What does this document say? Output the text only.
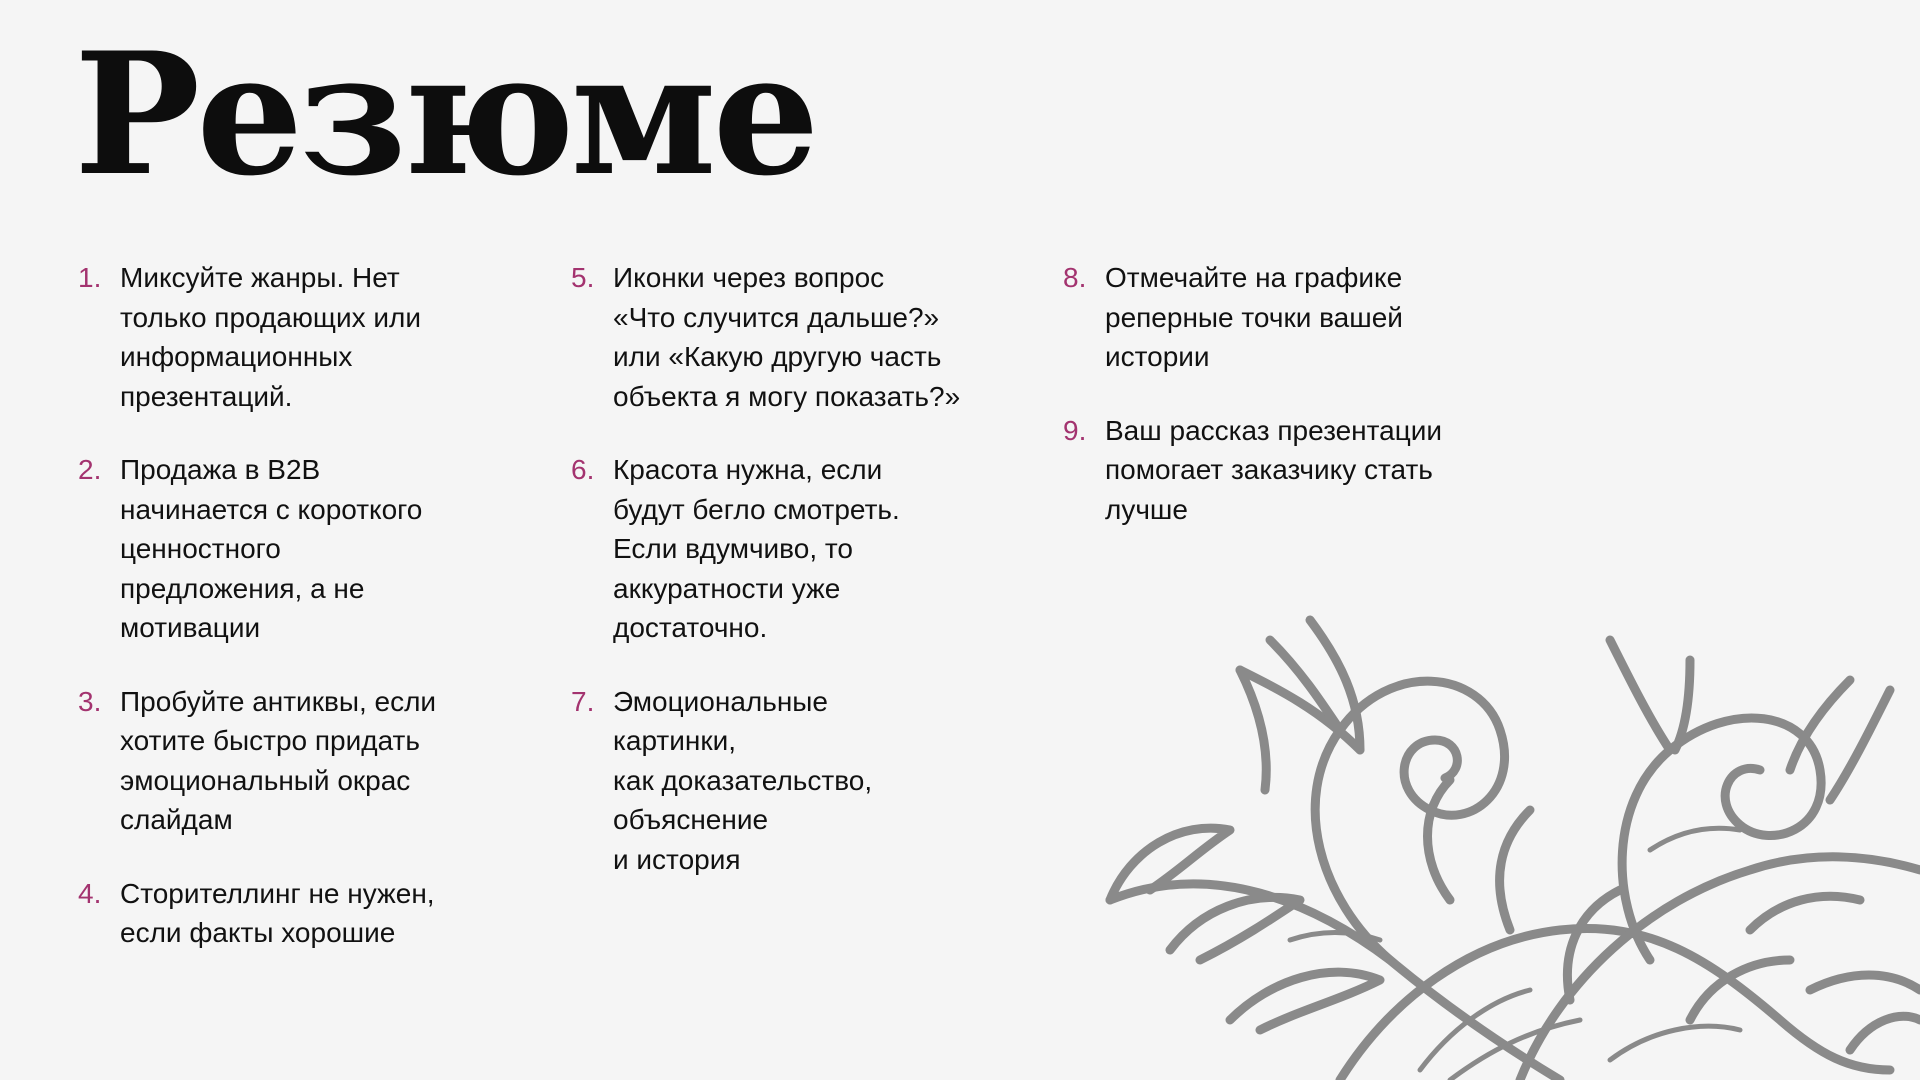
Резюме
1. Миксуйте жанры. Нет
только продающих или
информационных
презентаций.
2. Продажа в B2B
начинается с короткого
ценностного
предложения, а не
мотивации
3. Пробуйте антиквы, если
хотите быстро придать
эмоциональный окрас
слайдам
4. Сторителлинг не нужен,
если факты хорошие
5. Иконки через вопрос
«Что случится дальше?»
или «Какую другую часть
объекта я могу показать?»
6. Красота нужна, если
будут бегло смотреть.
Если вдумчиво, то
аккуратности уже
достаточно.
7. Эмоциональные
картинки,
как доказательство,
объяснение
и история
8. Отмечайте на графике
реперные точки вашей
истории
9. Ваш рассказ презентации
помогает заказчику стать
лучше
